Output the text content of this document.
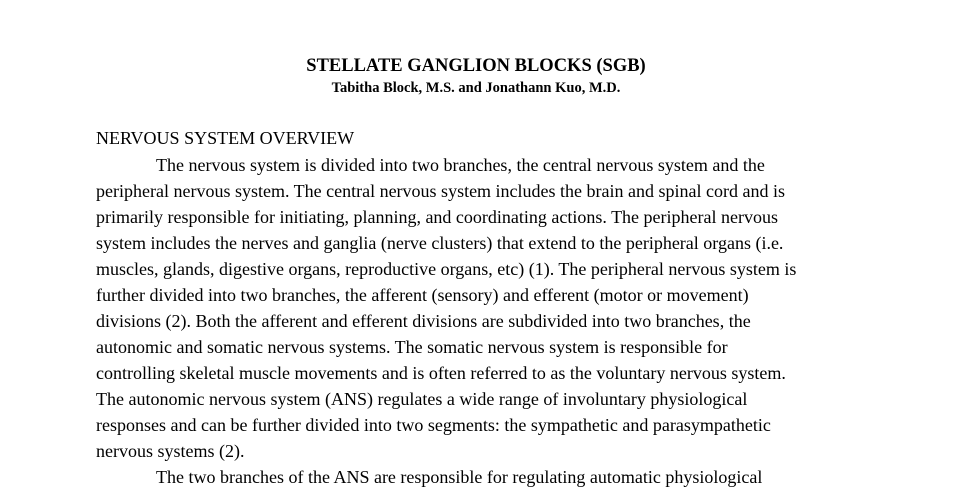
STELLATE GANGLION BLOCKS (SGB)
Tabitha Block, M.S. and Jonathann Kuo, M.D.
NERVOUS SYSTEM OVERVIEW
The nervous system is divided into two branches, the central nervous system and the
peripheral nervous system. The central nervous system includes the brain and spinal cord and is
primarily responsible for initiating, planning, and coordinating actions. The peripheral nervous
system includes the nerves and ganglia (nerve clusters) that extend to the peripheral organs (i.e.
muscles, glands, digestive organs, reproductive organs, etc) (1). The peripheral nervous system is
further divided into two branches, the afferent (sensory) and efferent (motor or movement)
divisions (2). Both the afferent and efferent divisions are subdivided into two branches, the
autonomic and somatic nervous systems. The somatic nervous system is responsible for
controlling skeletal muscle movements and is often referred to as the voluntary nervous system.
The autonomic nervous system (ANS) regulates a wide range of involuntary physiological
responses and can be further divided into two segments: the sympathetic and parasympathetic
nervous systems (2).
The two branches of the ANS are responsible for regulating automatic physiological
